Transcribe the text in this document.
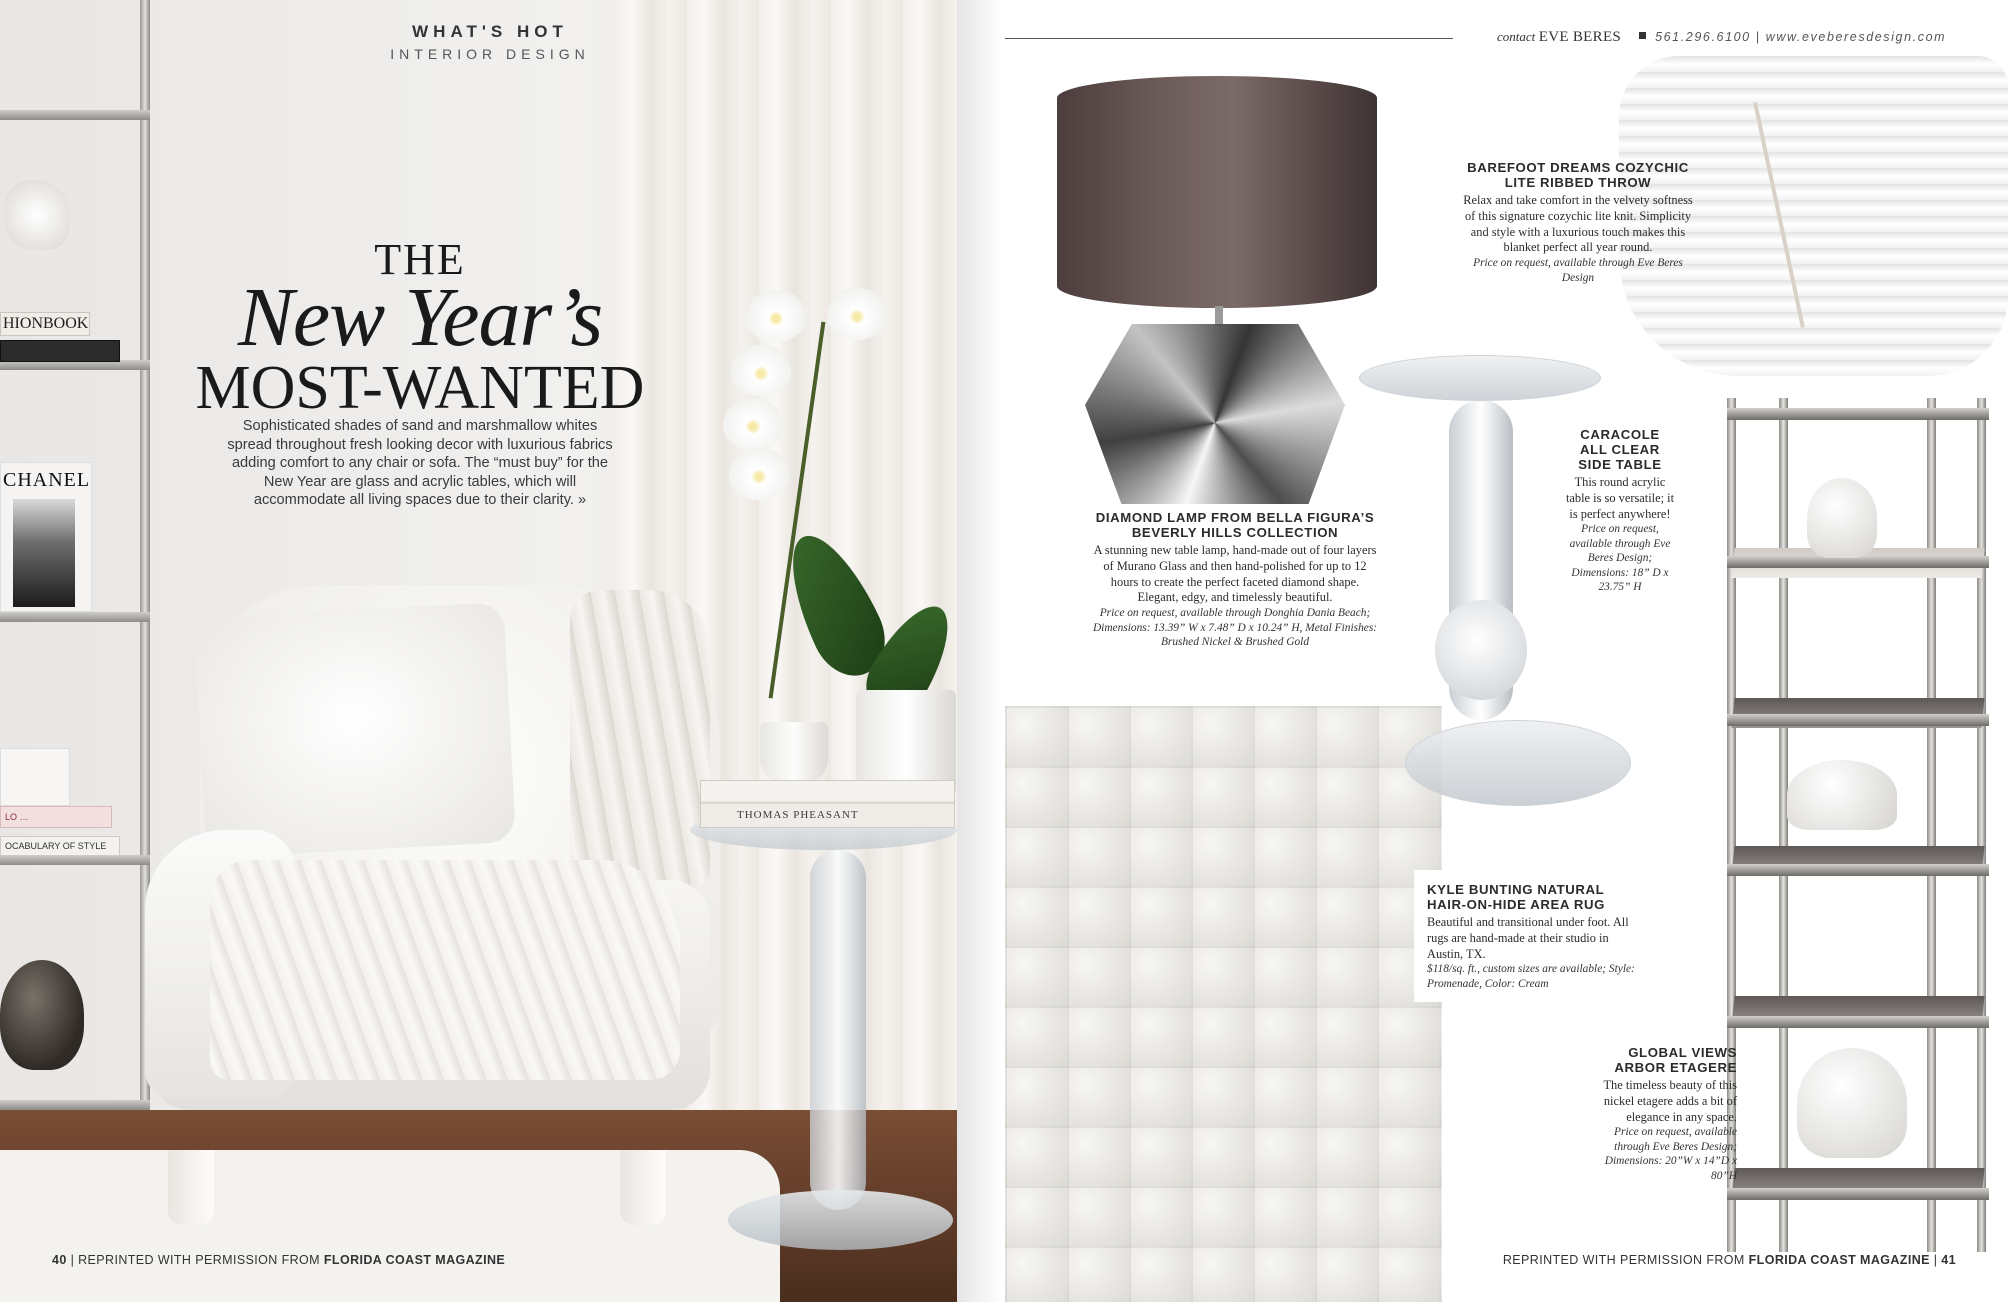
HIONBOOK
CHANEL
LO …
OCABULARY OF STYLE
THOMAS PHEASANT
WHAT'S HOT
INTERIOR DESIGN
THE
New Year’s
MOST-WANTED

Sophisticated shades of sand and marshmallow whites spread throughout fresh looking decor with luxurious fabrics adding comfort to any chair or sofa. The “must buy” for the New Year are glass and acrylic tables, which will accommodate all living spaces due to their clarity. »

40 | REPRINTED WITH PERMISSION FROM FLORIDA COAST MAGAZINE
contact EVE BERES	561.296.6100 | www.eveberesdesign.com
DIAMOND LAMP FROM BELLA FIGURA’S BEVERLY HILLS COLLECTION
A stunning new table lamp, hand-made out of four layers of Murano Glass and then hand-polished for up to 12 hours to create the perfect faceted diamond shape. Elegant, edgy, and timelessly beautiful.
Price on request, available through Donghia Dania Beach; Dimensions: 13.39” W x 7.48” D x 10.24” H, Metal Finishes: Brushed Nickel & Brushed Gold
BAREFOOT DREAMS COZYCHIC LITE RIBBED THROW
Relax and take comfort in the velvety softness of this signature cozychic lite knit. Simplicity and style with a luxurious touch makes this blanket perfect all year round.
Price on request, available through Eve Beres Design
CARACOLE ALL CLEAR SIDE TABLE
This round acrylic table is so versatile; it is perfect anywhere!
Price on request, available through Eve Beres Design; Dimensions: 18” D x 23.75” H
KYLE BUNTING NATURAL HAIR-ON-HIDE AREA RUG
Beautiful and transitional under foot. All rugs are hand-made at their studio in Austin, TX.
$118/sq. ft., custom sizes are available; Style: Promenade, Color: Cream
GLOBAL VIEWS ARBOR ETAGERE
The timeless beauty of this nickel etagere adds a bit of elegance in any space.
Price on request, available through Eve Beres Design; Dimensions: 20”W x 14”D x 80”H
REPRINTED WITH PERMISSION FROM FLORIDA COAST MAGAZINE | 41
